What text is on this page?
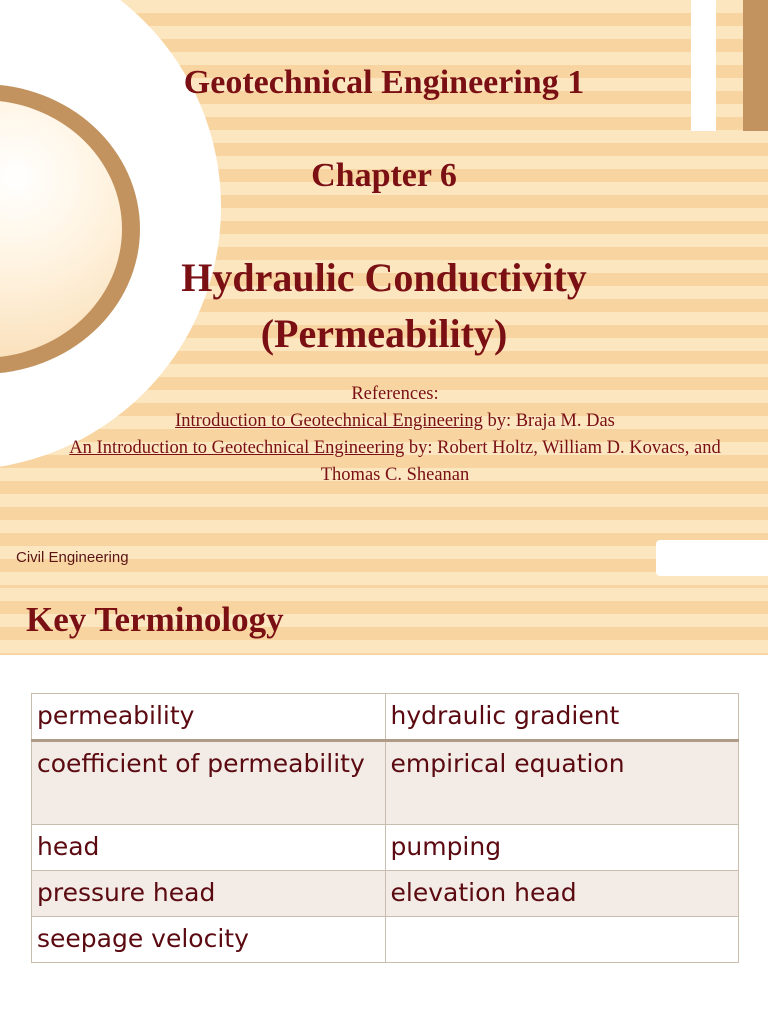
Geotechnical Engineering 1
Chapter 6
Hydraulic Conductivity
(Permeability)
References:
Introduction to Geotechnical Engineering by: Braja M. Das
An Introduction to Geotechnical Engineering by: Robert Holtz, William D. Kovacs, and Thomas C. Sheanan
Civil Engineering
Key Terminology
permeability	hydraulic gradient
coefficient of permeability	empirical equation
head	pumping
pressure head	elevation head
seepage velocity	
